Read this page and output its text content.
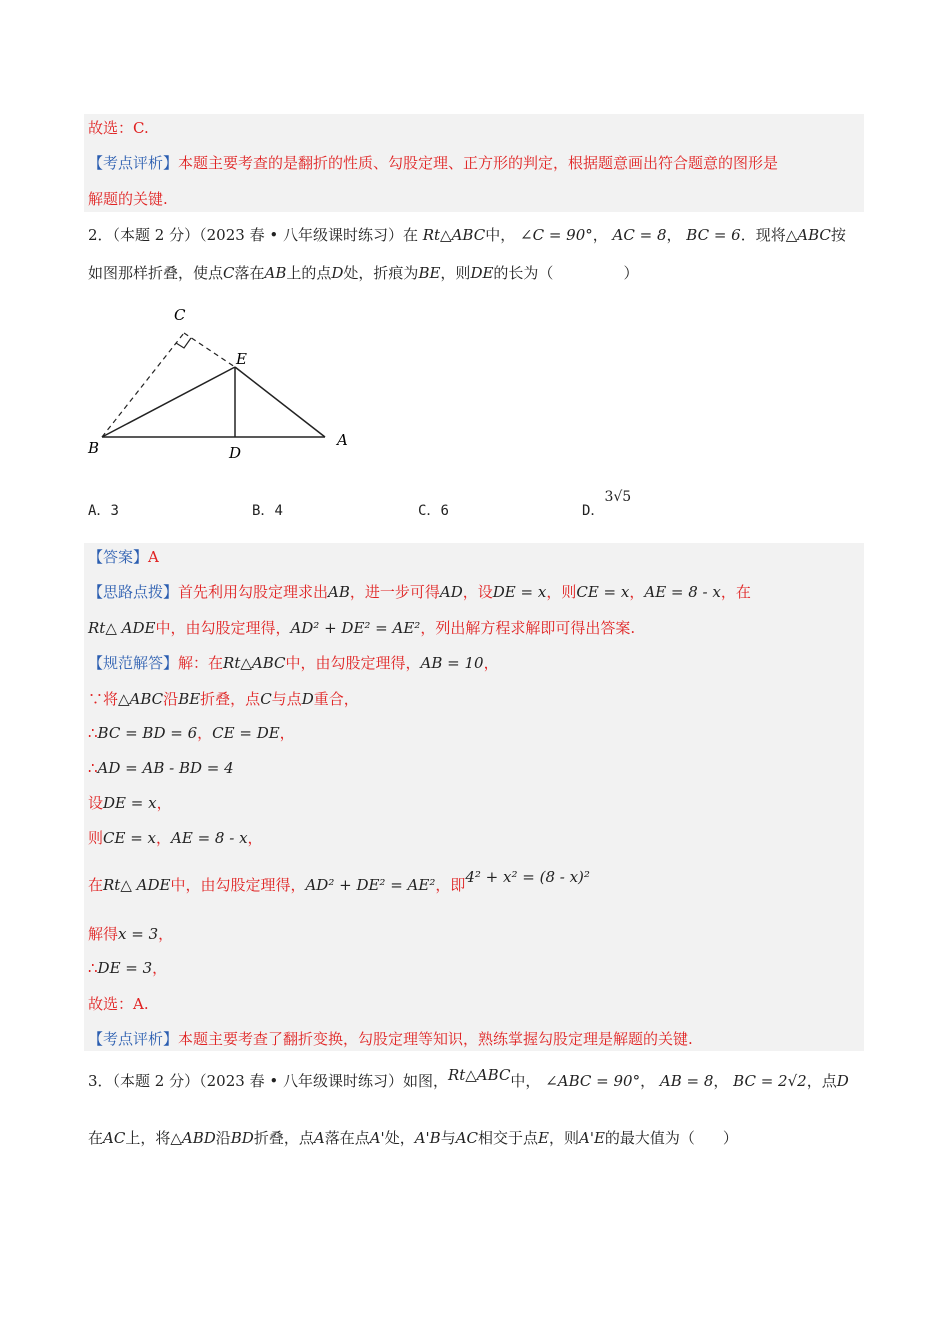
故选：C.
【考点评析】本题主要考查的是翻折的性质、勾股定理、正方形的判定，根据题意画出符合题意的图形是
解题的关键.
2．（本题 2 分）（2023 春 • 八年级课时练习）在 Rt△ABC中， ∠C = 90°， AC = 8， BC = 6．现将△ABC按
如图那样折叠，使点C落在AB上的点D处，折痕为BE，则DE的长为（	）
C
E
B	D
A
A．3	B．4	C．6	D．3√5
【答案】A
【思路点拨】首先利用勾股定理求出AB，进一步可得AD，设DE = x，则CE = x，AE = 8 - x，在
Rt△ ADE中，由勾股定理得，AD² + DE² = AE²，列出解方程求解即可得出答案.
【规范解答】解：在Rt△ABC中，由勾股定理得，AB = 10，
∵将△ABC沿BE折叠，点C与点D重合，
∴BC = BD = 6，CE = DE，
∴AD = AB - BD = 4
设DE = x，
则CE = x，AE = 8 - x，
在Rt△ ADE中，由勾股定理得，AD² + DE² = AE²，即4² + x² = (8 - x)²
解得x = 3，
∴DE = 3，
故选：A.
【考点评析】本题主要考查了翻折变换，勾股定理等知识，熟练掌握勾股定理是解题的关键.
3．（本题 2 分）（2023 春 • 八年级课时练习）如图，Rt△ABC中， ∠ABC = 90°， AB = 8， BC = 2√2，点D
在AC上，将△ABD沿BD折叠，点A落在点A'处，A'B与AC相交于点E，则A'E的最大值为（ ）
